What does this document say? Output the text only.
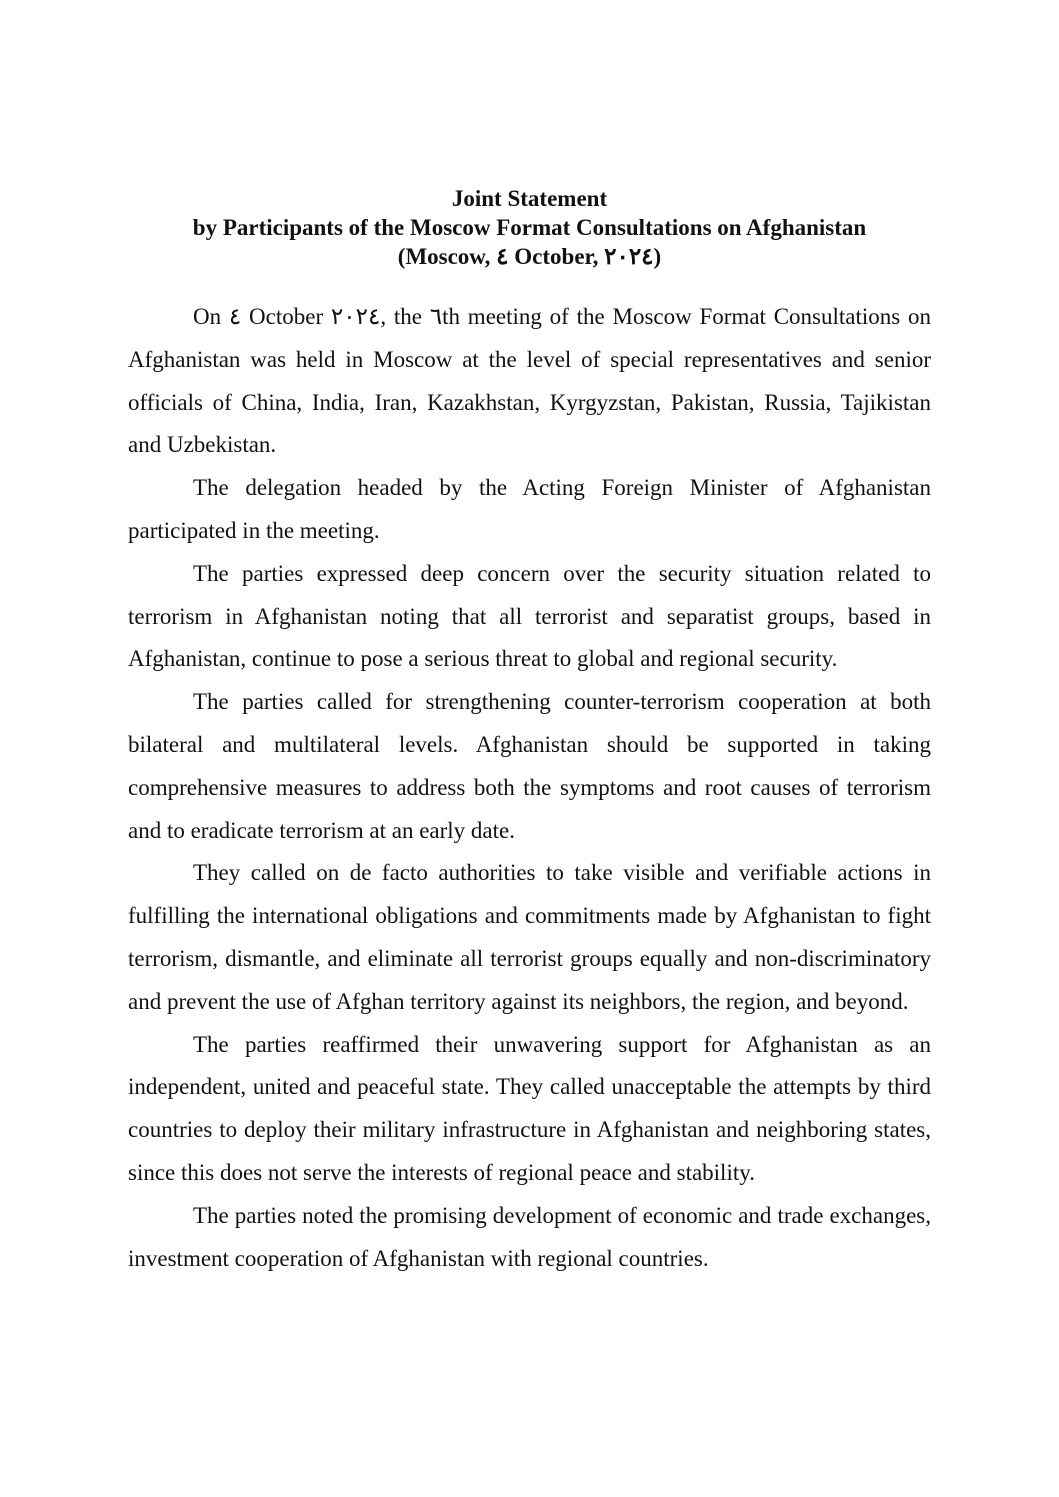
Joint Statement
by Participants of the Moscow Format Consultations on Afghanistan
(Moscow, ٤ October, ٢٠٢٤)

On ٤ October ٢٠٢٤, the ٦th meeting of the Moscow Format Consultations on Afghanistan was held in Moscow at the level of special representatives and senior officials of China, India, Iran, Kazakhstan, Kyrgyzstan, Pakistan, Russia, Tajikistan and Uzbekistan.

The delegation headed by the Acting Foreign Minister of Afghanistan participated in the meeting.

The parties expressed deep concern over the security situation related to terrorism in Afghanistan noting that all terrorist and separatist groups, based in Afghanistan, continue to pose a serious threat to global and regional security.

The parties called for strengthening counter-terrorism cooperation at both bilateral and multilateral levels. Afghanistan should be supported in taking comprehensive measures to address both the symptoms and root causes of terrorism and to eradicate terrorism at an early date.

They called on de facto authorities to take visible and verifiable actions in fulfilling the international obligations and commitments made by Afghanistan to fight terrorism, dismantle, and eliminate all terrorist groups equally and non-discriminatory and prevent the use of Afghan territory against its neighbors, the region, and beyond.

The parties reaffirmed their unwavering support for Afghanistan as an independent, united and peaceful state. They called unacceptable the attempts by third countries to deploy their military infrastructure in Afghanistan and neighboring states, since this does not serve the interests of regional peace and stability.

The parties noted the promising development of economic and trade exchanges, investment cooperation of Afghanistan with regional countries.
